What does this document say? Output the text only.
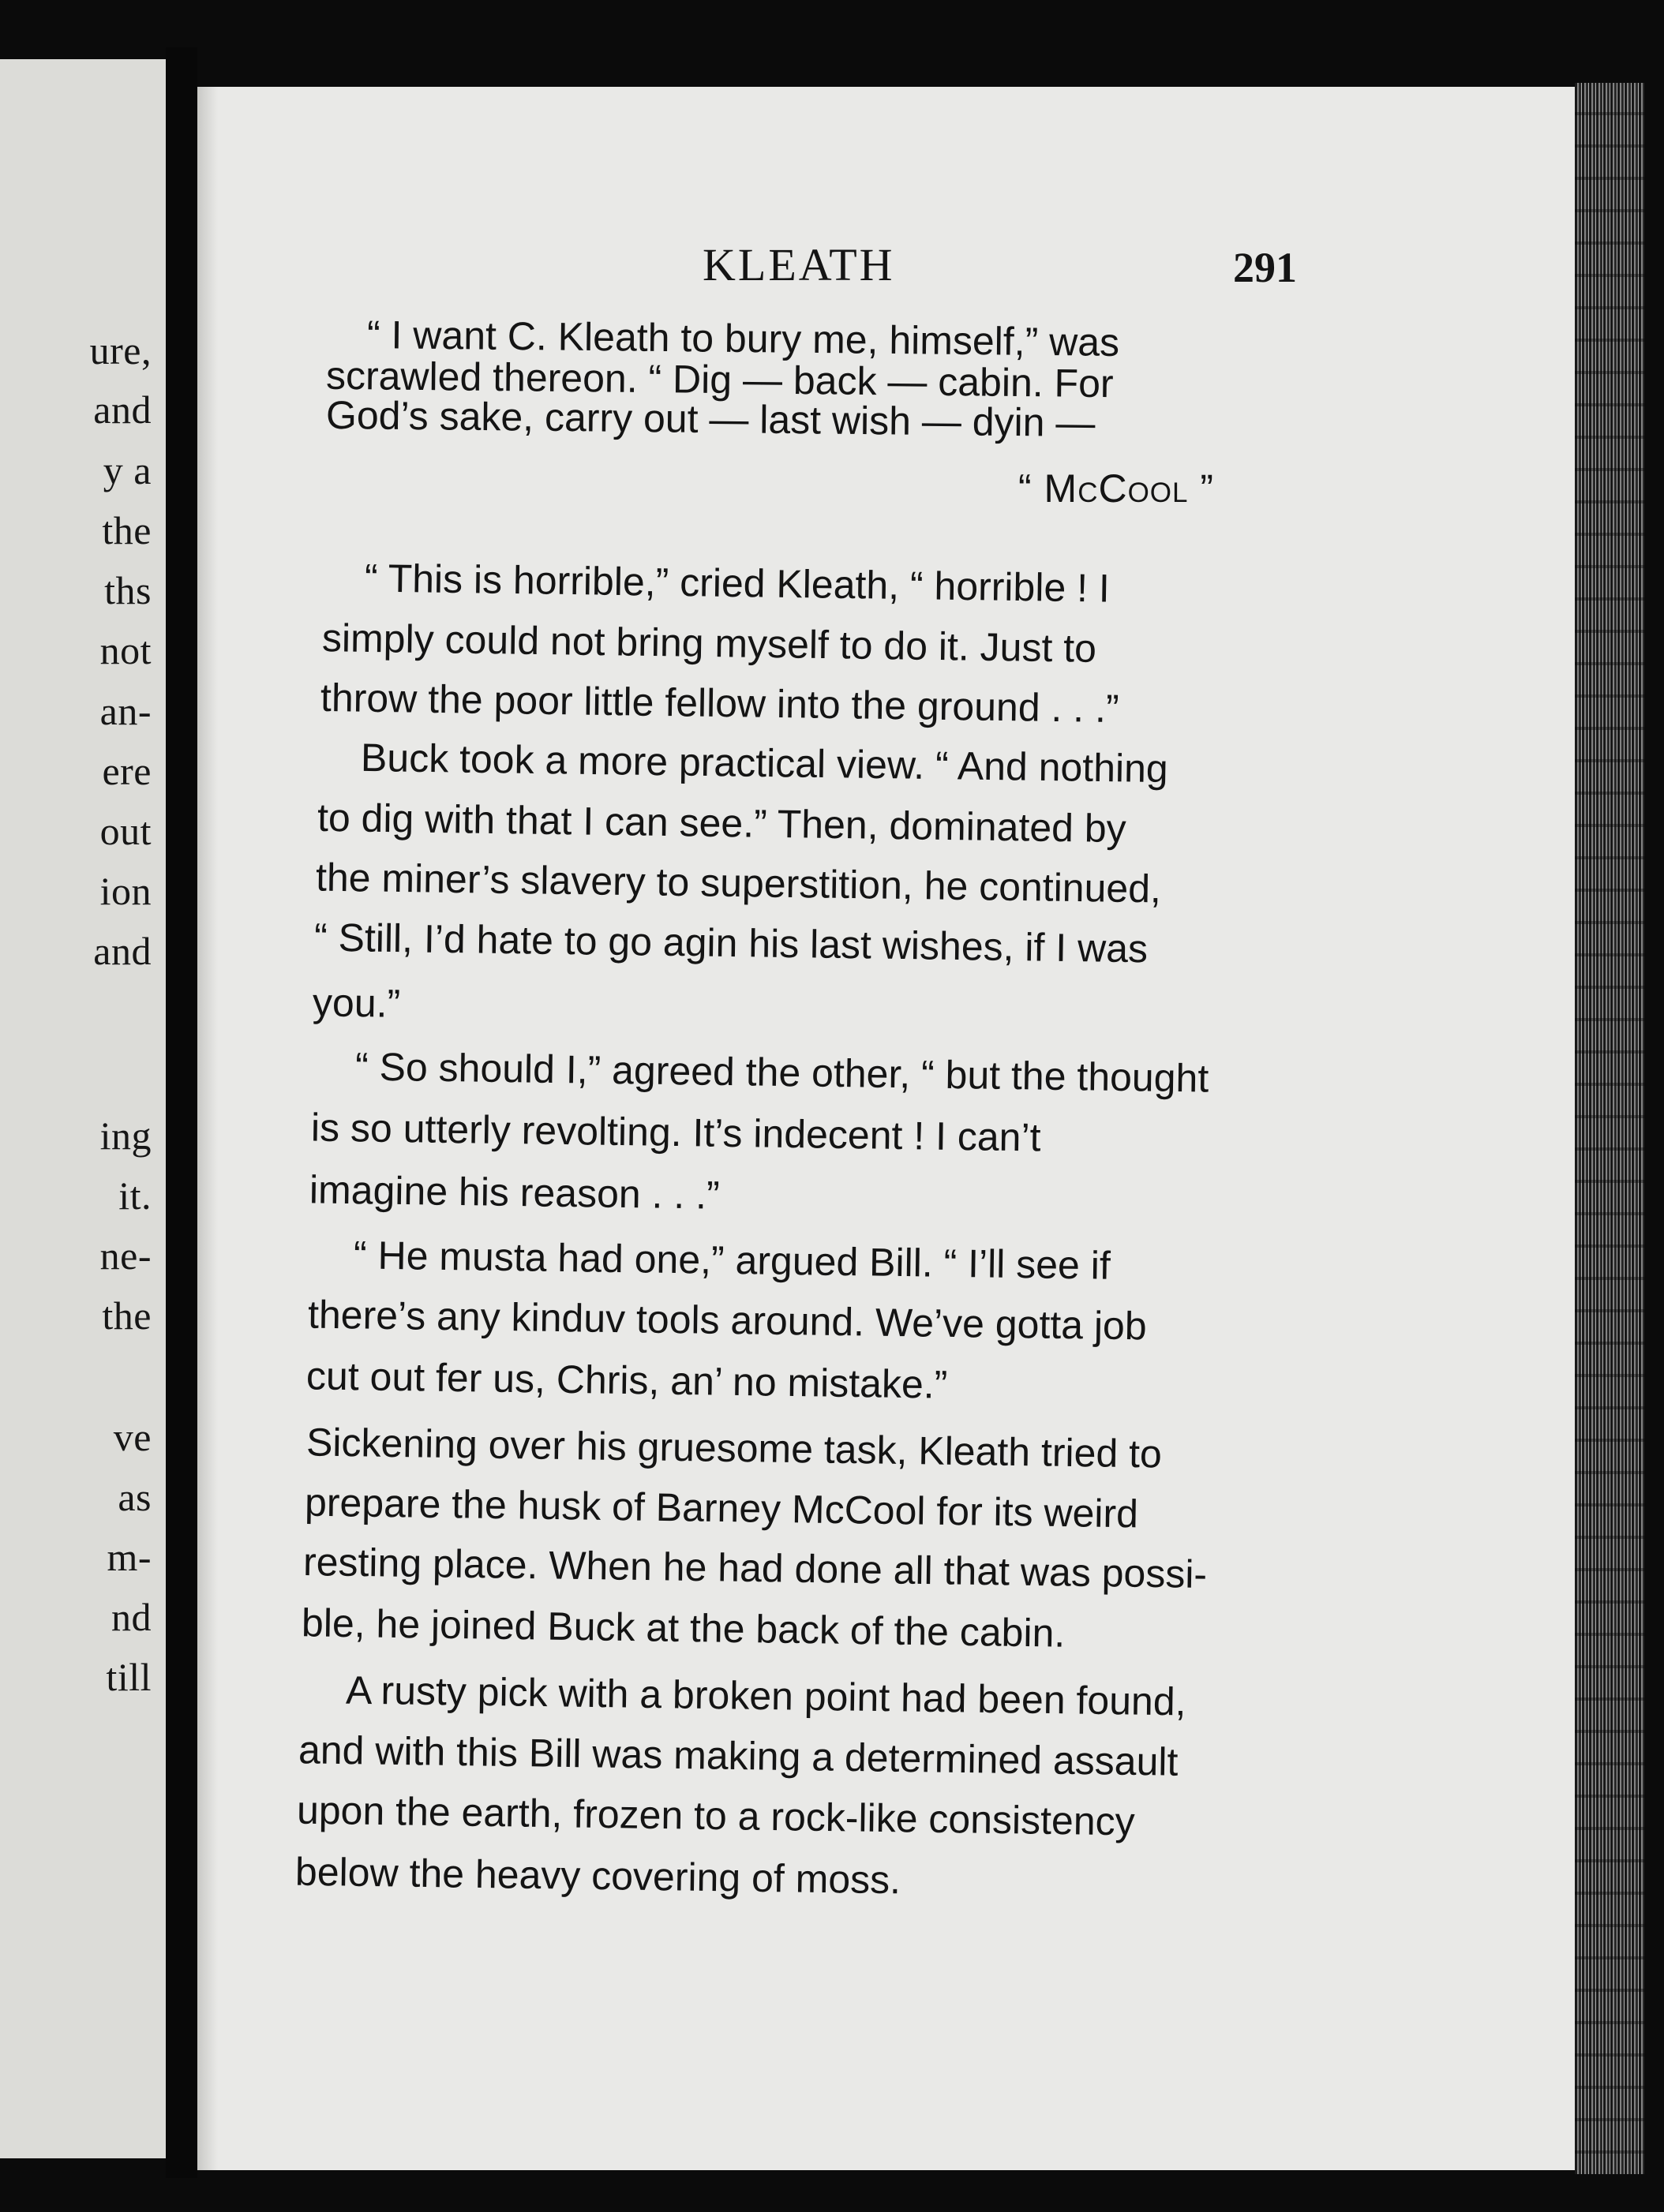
ure,
and
y a
the
ths
not
an-
ere
out
ion
and
ing
it.
ne-
the
ve
as
m-
nd
till
KLEATH	291
“ I want C. Kleath to bury me, himself,” was
scrawled thereon. “ Dig — back — cabin. For
God’s sake, carry out — last wish — dyin —
“ McCool ”
“ This is horrible,” cried Kleath, “ horrible ! I
simply could not bring myself to do it. Just to
throw the poor little fellow into the ground . . .”
Buck took a more practical view. “ And nothing
to dig with that I can see.” Then, dominated by
the miner’s slavery to superstition, he continued,
“ Still, I’d hate to go agin his last wishes, if I was
you.”
“ So should I,” agreed the other, “ but the thought
is so utterly revolting. It’s indecent ! I can’t
imagine his reason . . .”
“ He musta had one,” argued Bill. “ I’ll see if
there’s any kinduv tools around. We’ve gotta job
cut out fer us, Chris, an’ no mistake.”
Sickening over his gruesome task, Kleath tried to
prepare the husk of Barney McCool for its weird
resting place. When he had done all that was possi-
ble, he joined Buck at the back of the cabin.
A rusty pick with a broken point had been found,
and with this Bill was making a determined assault
upon the earth, frozen to a rock-like consistency
below the heavy covering of moss.
